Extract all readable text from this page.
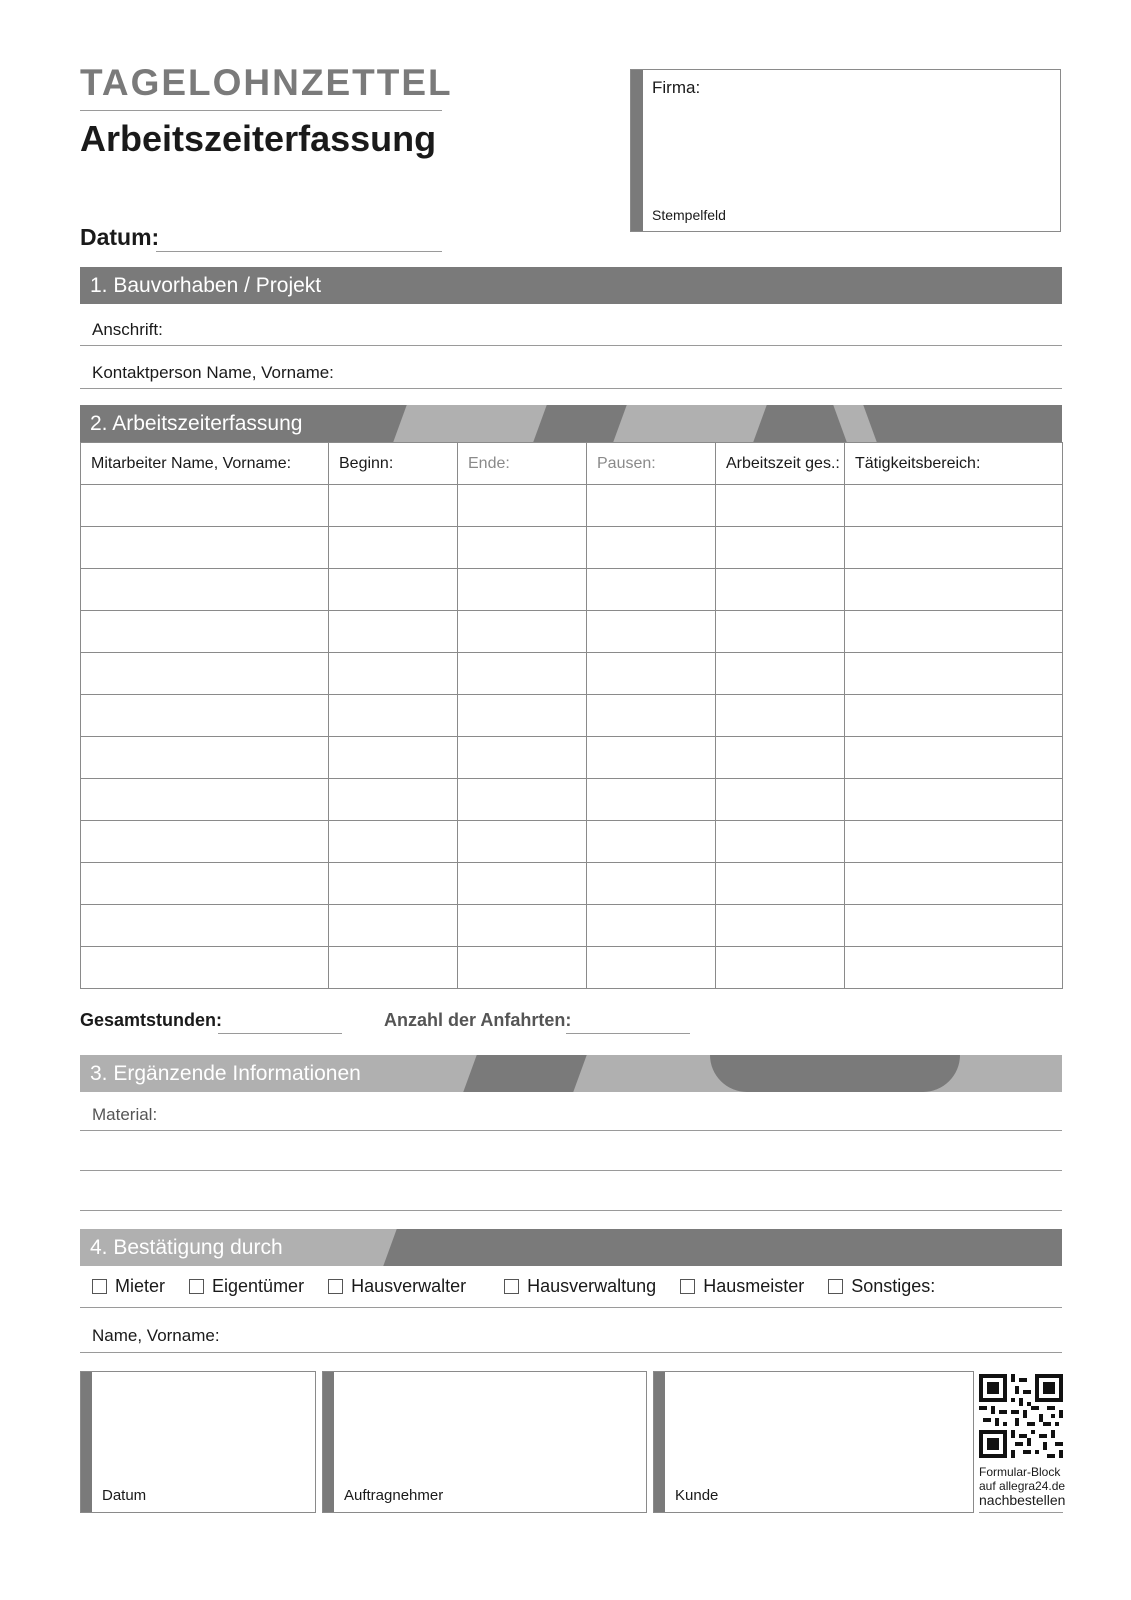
TAGELOHNZETTEL
Arbeitszeiterfassung
Datum:
Firma:
Stempelfeld
1. Bauvorhaben / Projekt
Anschrift:
Kontaktperson Name, Vorname:
2. Arbeitszeiterfassung
Mitarbeiter Name, Vorname:	Beginn:	Ende:	Pausen:	Arbeitszeit ges.:	Tätigkeitsbereich:

Gesamtstunden:	Anzahl der Anfahrten:
3. Ergänzende Informationen
Material:
4. Bestätigung durch
Mieter	Eigentümer	Hausverwalter	Hausverwaltung	Hausmeister	Sonstiges:
Name, Vorname:
Datum	Auftragnehmer	Kunde
Formular-Block
auf allegra24.de
nachbestellen
